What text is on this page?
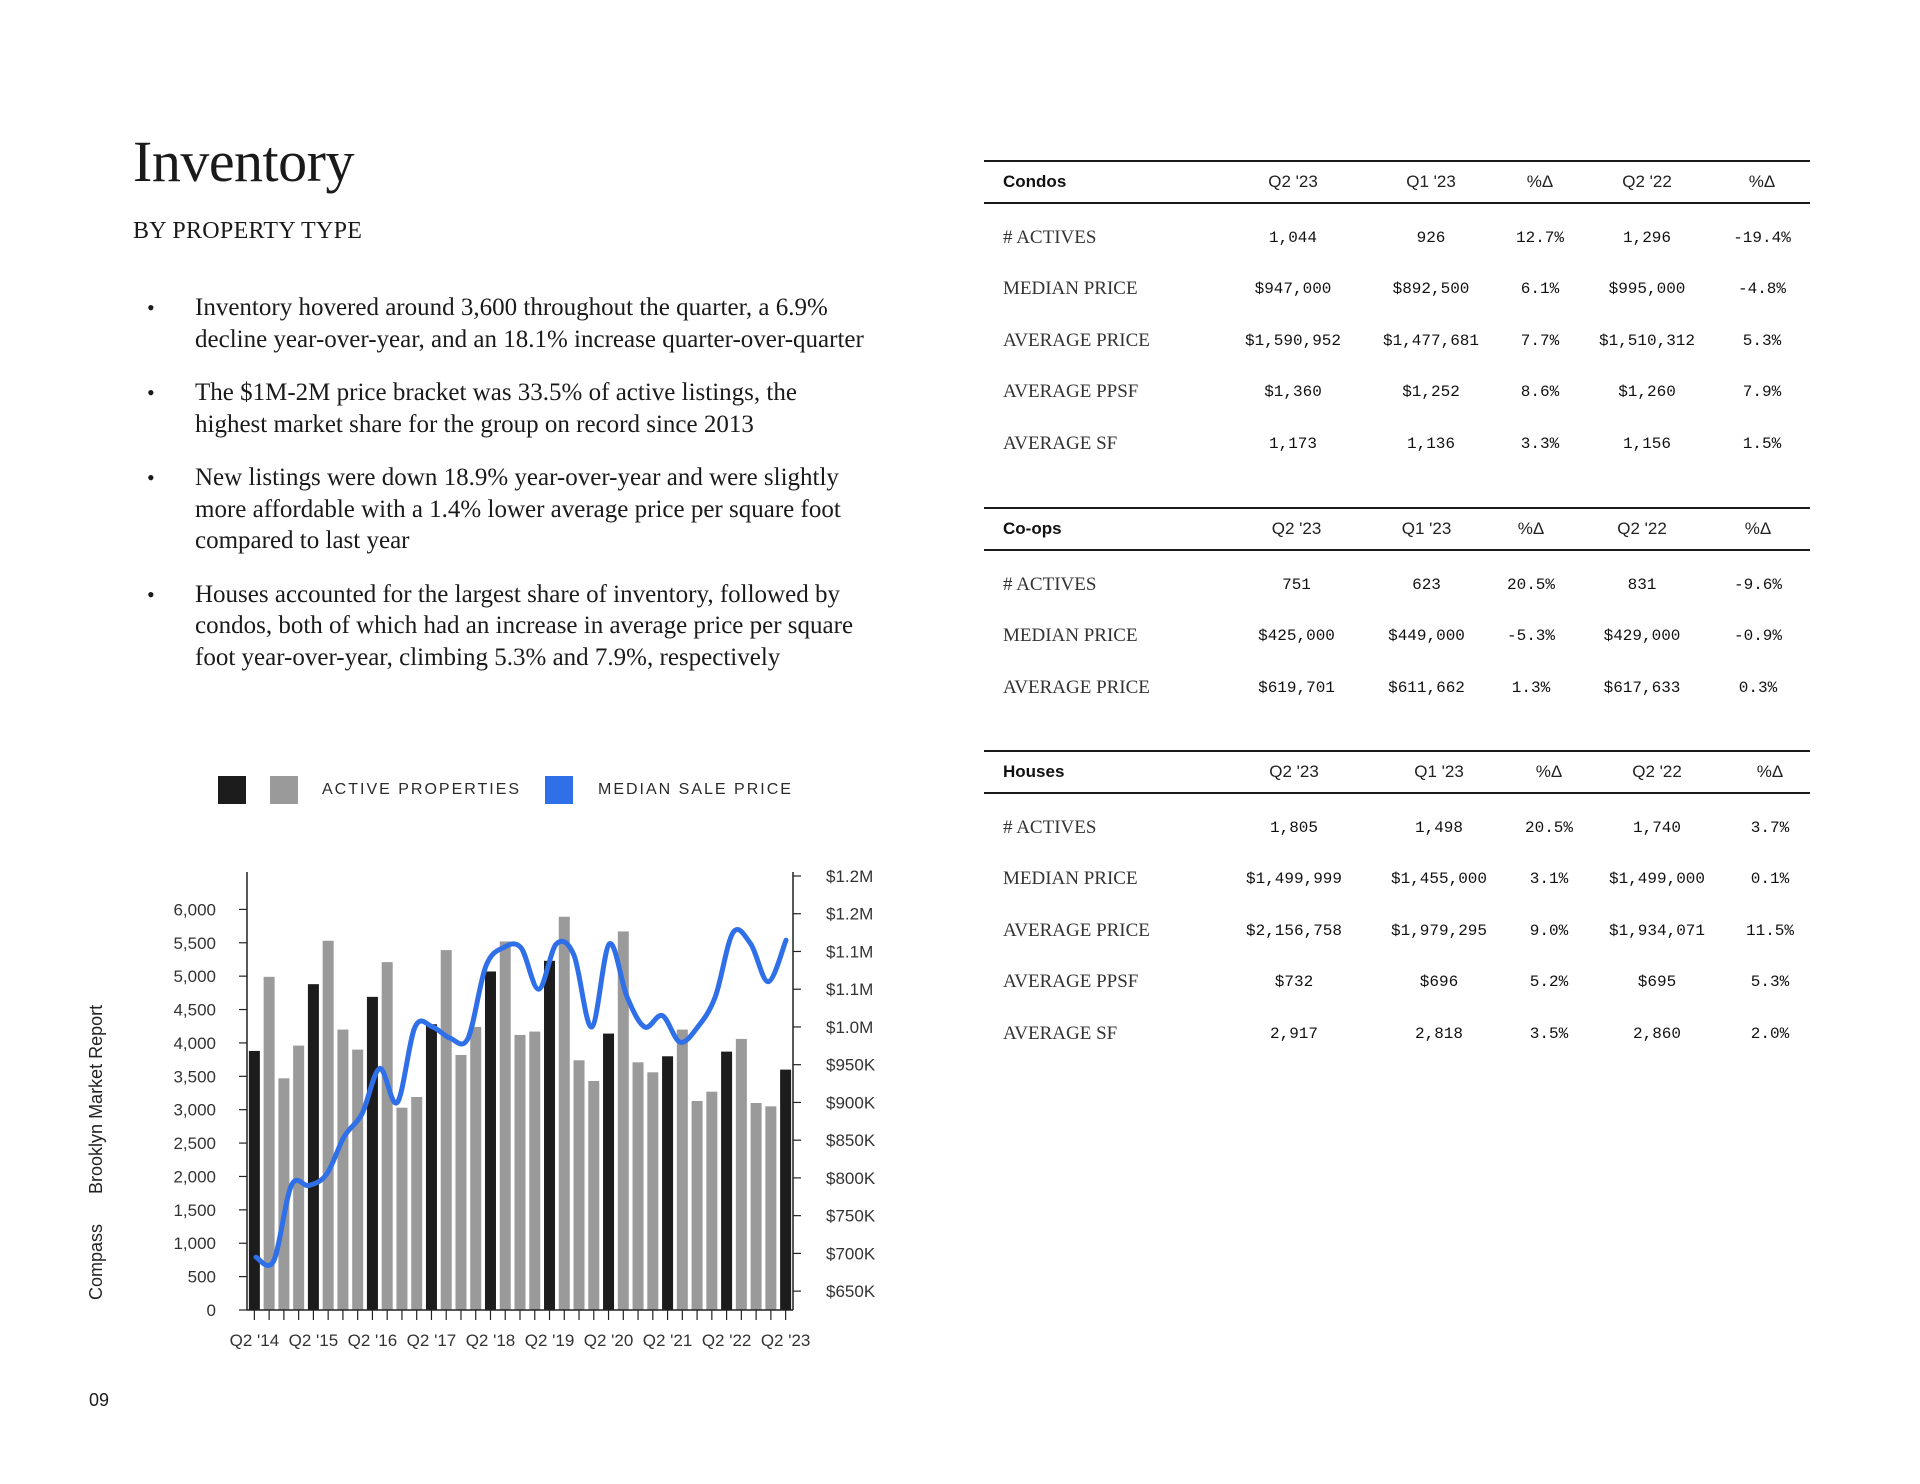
Inventory
BY PROPERTY TYPE
• Inventory hovered around 3,600 throughout the quarter, a 6.9% decline year-over-year, and an 18.1% increase quarter-over-quarter
• The $1M-2M price bracket was 33.5% of active listings, the highest market share for the group on record since 2013
• New listings were down 18.9% year-over-year and were slightly more affordable with a 1.4% lower average price per square foot compared to last year
• Houses accounted for the largest share of inventory, followed by condos, both of which had an increase in average price per square foot year-over-year, climbing 5.3% and 7.9%, respectively
ACTIVE PROPERTIES	MEDIAN SALE PRICE
0
500
1,000
1,500
2,000
2,500
3,000
3,500
4,000
4,500
5,000
5,500
6,000
$650K
$700K
$750K
$800K
$850K
$900K
$950K
$1.0M
$1.1M
$1.1M
$1.2M
$1.2M
Q2 '14 Q2 '15 Q2 '16 Q2 '17 Q2 '18 Q2 '19 Q2 '20 Q2 '21 Q2 '22 Q2 '23
CompassBrooklyn Market Report
09
Condos	Q2 '23	Q1 '23	%Δ	Q2 '22	%Δ
# ACTIVES	1,044	926	12.7%	1,296	-19.4%
MEDIAN PRICE	$947,000	$892,500	6.1%	$995,000	-4.8%
AVERAGE PRICE	$1,590,952	$1,477,681	7.7%	$1,510,312	5.3%
AVERAGE PPSF	$1,360	$1,252	8.6%	$1,260	7.9%
AVERAGE SF	1,173	1,136	3.3%	1,156	1.5%
Co-ops	Q2 '23	Q1 '23	%Δ	Q2 '22	%Δ
# ACTIVES	751	623	20.5%	831	-9.6%
MEDIAN PRICE	$425,000	$449,000	-5.3%	$429,000	-0.9%
AVERAGE PRICE	$619,701	$611,662	1.3%	$617,633	0.3%
Houses	Q2 '23	Q1 '23	%Δ	Q2 '22	%Δ
# ACTIVES	1,805	1,498	20.5%	1,740	3.7%
MEDIAN PRICE	$1,499,999	$1,455,000	3.1%	$1,499,000	0.1%
AVERAGE PRICE	$2,156,758	$1,979,295	9.0%	$1,934,071	11.5%
AVERAGE PPSF	$732	$696	5.2%	$695	5.3%
AVERAGE SF	2,917	2,818	3.5%	2,860	2.0%
